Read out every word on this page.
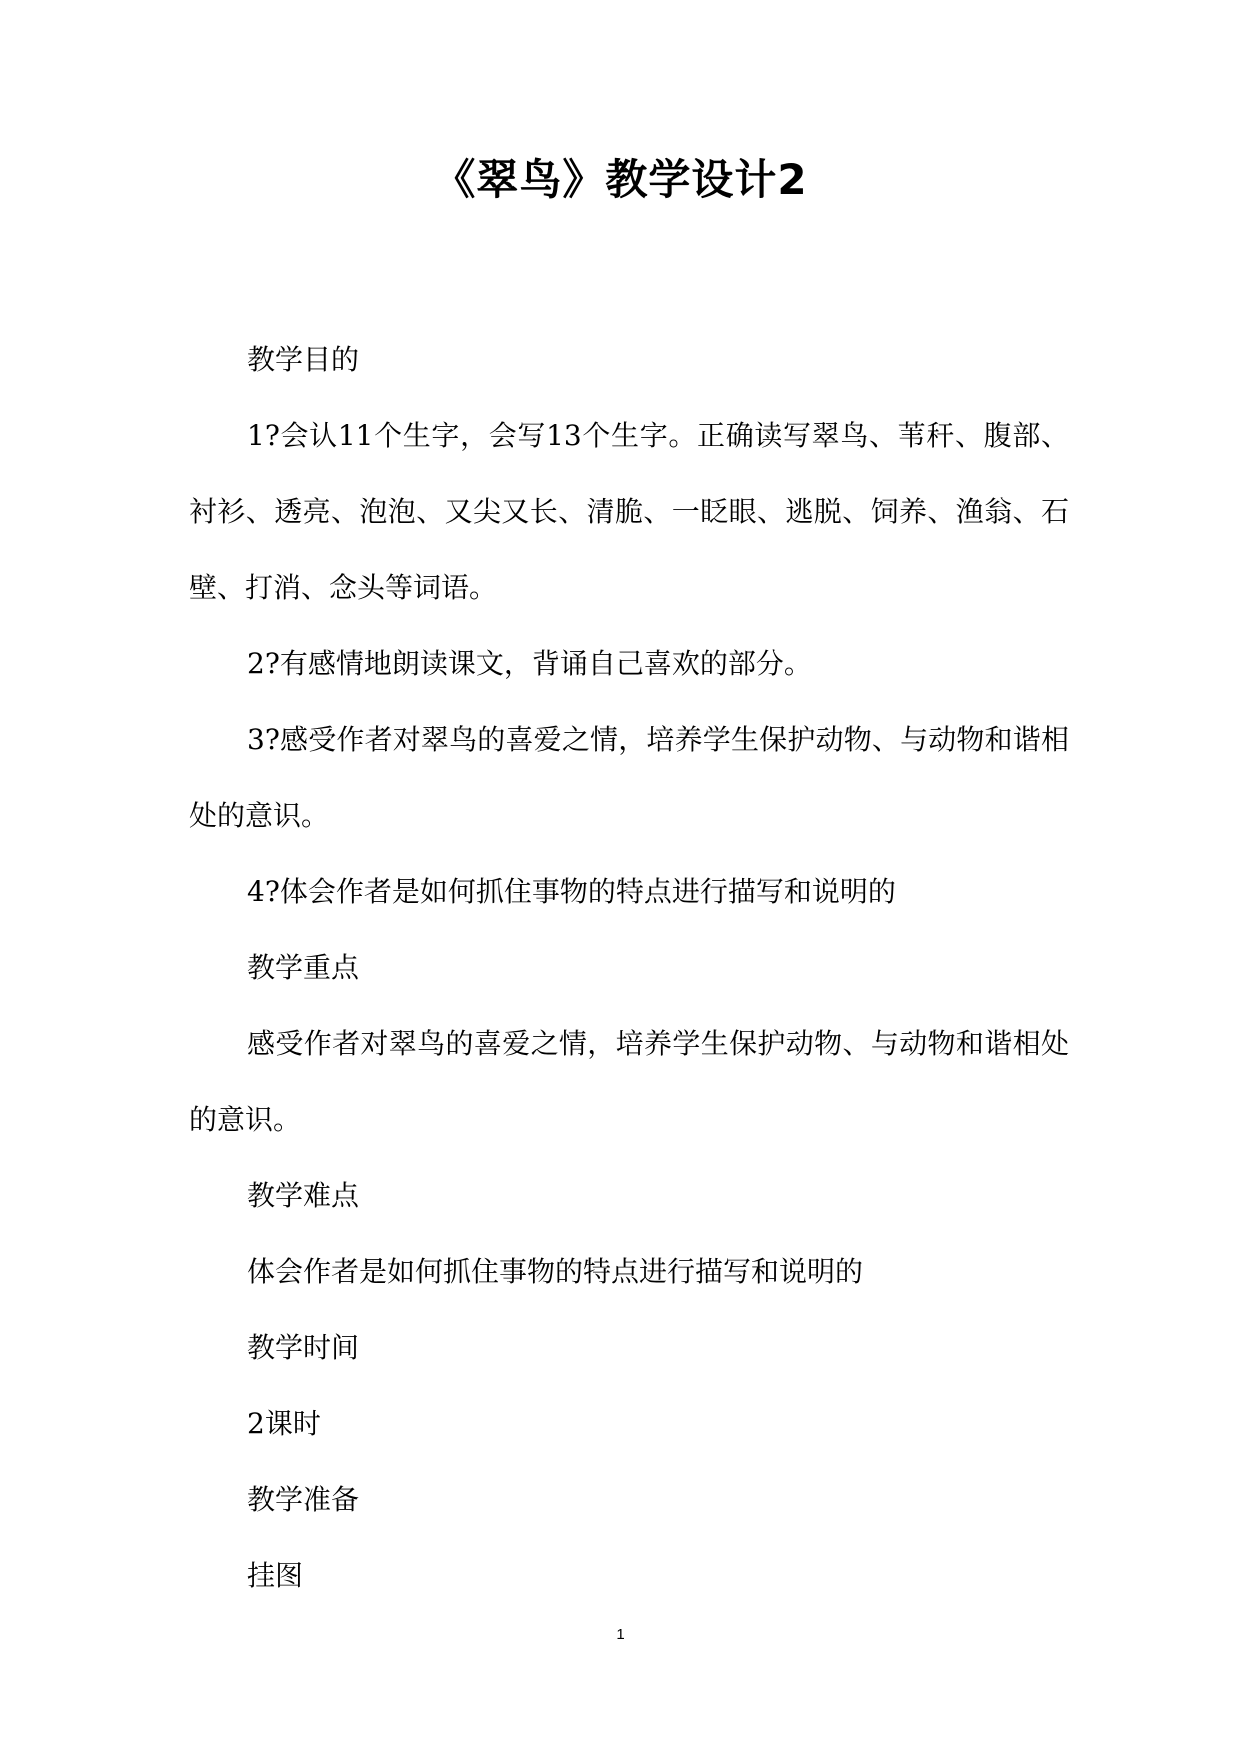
《翠鸟》教学设计2

教学目的

1?会认11个生字，会写13个生字。正确读写翠鸟、苇秆、腹部、衬衫、透亮、泡泡、又尖又长、清脆、一眨眼、逃脱、饲养、渔翁、石壁、打消、念头等词语。

2?有感情地朗读课文，背诵自己喜欢的部分。

3?感受作者对翠鸟的喜爱之情，培养学生保护动物、与动物和谐相处的意识。

4?体会作者是如何抓住事物的特点进行描写和说明的

教学重点

感受作者对翠鸟的喜爱之情，培养学生保护动物、与动物和谐相处的意识。

教学难点

体会作者是如何抓住事物的特点进行描写和说明的

教学时间

2课时

教学准备

挂图

1
